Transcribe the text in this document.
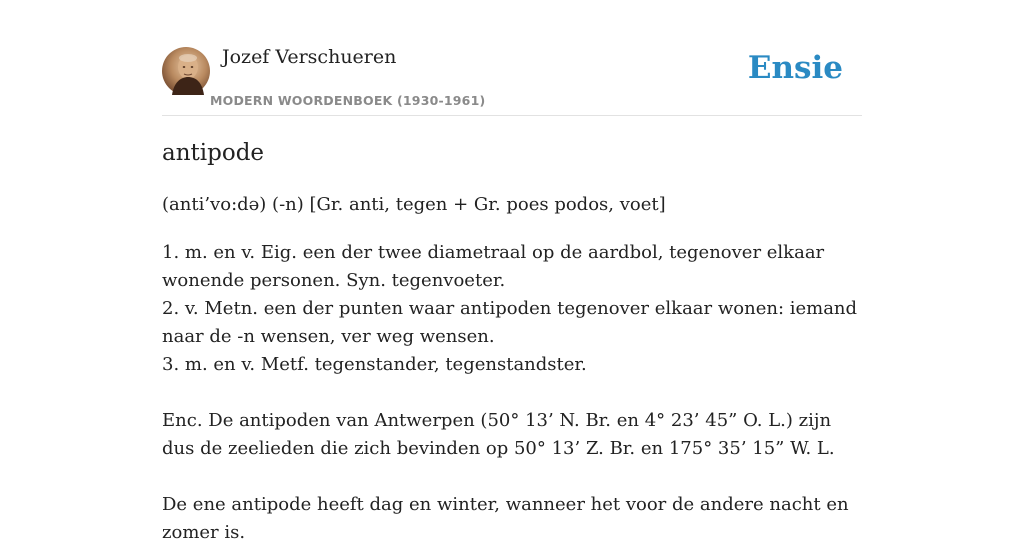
Jozef Verschueren
MODERN WOORDENBOEK (1930-1961)
Ensie
antipode
(anti’vo:də) (-n) [Gr. anti, tegen + Gr. poes podos, voet]

1. m. en v. Eig. een der twee diametraal op de aardbol, tegenover elkaar wonende personen. Syn. tegenvoeter.

2. v. Metn. een der punten waar antipoden tegenover elkaar wonen: iemand naar de -n wensen, ver weg wensen.

3. m. en v. Metf. tegenstander, tegenstandster.

Enc. De antipoden van Antwerpen (50° 13’ N. Br. en 4° 23’ 45” O. L.) zijn dus de zeelieden die zich bevinden op 50° 13’ Z. Br. en 175° 35’ 15” W. L.

De ene antipode heeft dag en winter, wanneer het voor de andere nacht en zomer is.
